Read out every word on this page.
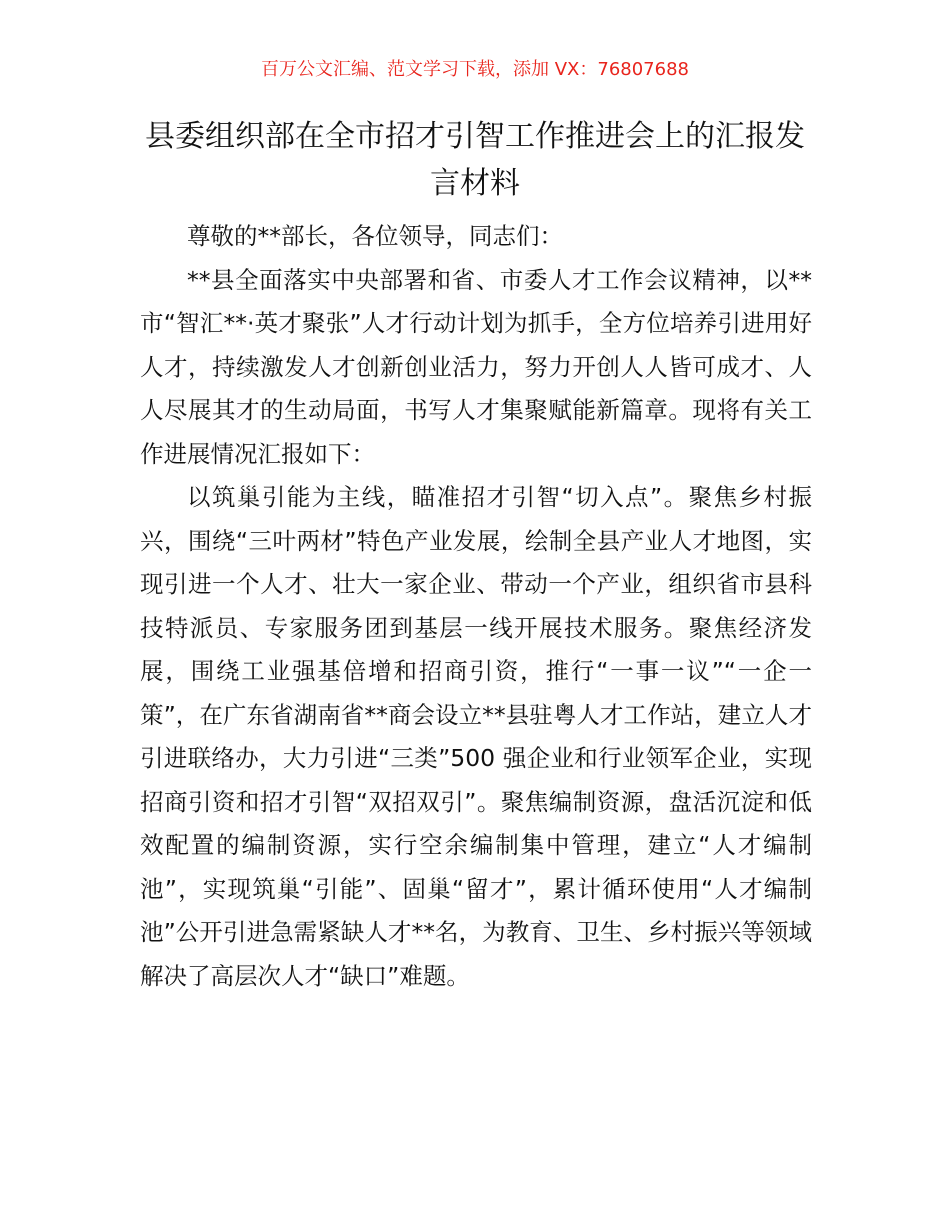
百万公文汇编、范文学习下载，添加 VX：76807688
县委组织部在全市招才引智工作推进会上的汇报发言材料

尊敬的**部长，各位领导，同志们：

**县全面落实中央部署和省、市委人才工作会议精神，以**市“智汇**·英才聚张”人才行动计划为抓手，全方位培养引进用好人才，持续激发人才创新创业活力，努力开创人人皆可成才、人人尽展其才的生动局面，书写人才集聚赋能新篇章。现将有关工作进展情况汇报如下：

以筑巢引能为主线，瞄准招才引智“切入点”。聚焦乡村振兴，围绕“三叶两材”特色产业发展，绘制全县产业人才地图，实现引进一个人才、壮大一家企业、带动一个产业，组织省市县科技特派员、专家服务团到基层一线开展技术服务。聚焦经济发展，围绕工业强基倍增和招商引资，推行“一事一议”“一企一策”，在广东省湖南省**商会设立**县驻粤人才工作站，建立人才引进联络办，大力引进“三类”500 强企业和行业领军企业，实现招商引资和招才引智“双招双引”。聚焦编制资源，盘活沉淀和低效配置的编制资源，实行空余编制集中管理，建立“人才编制池”，实现筑巢“引能”、固巢“留才”，累计循环使用“人才编制池”公开引进急需紧缺人才**名，为教育、卫生、乡村振兴等领域解决了高层次人才“缺口”难题。
